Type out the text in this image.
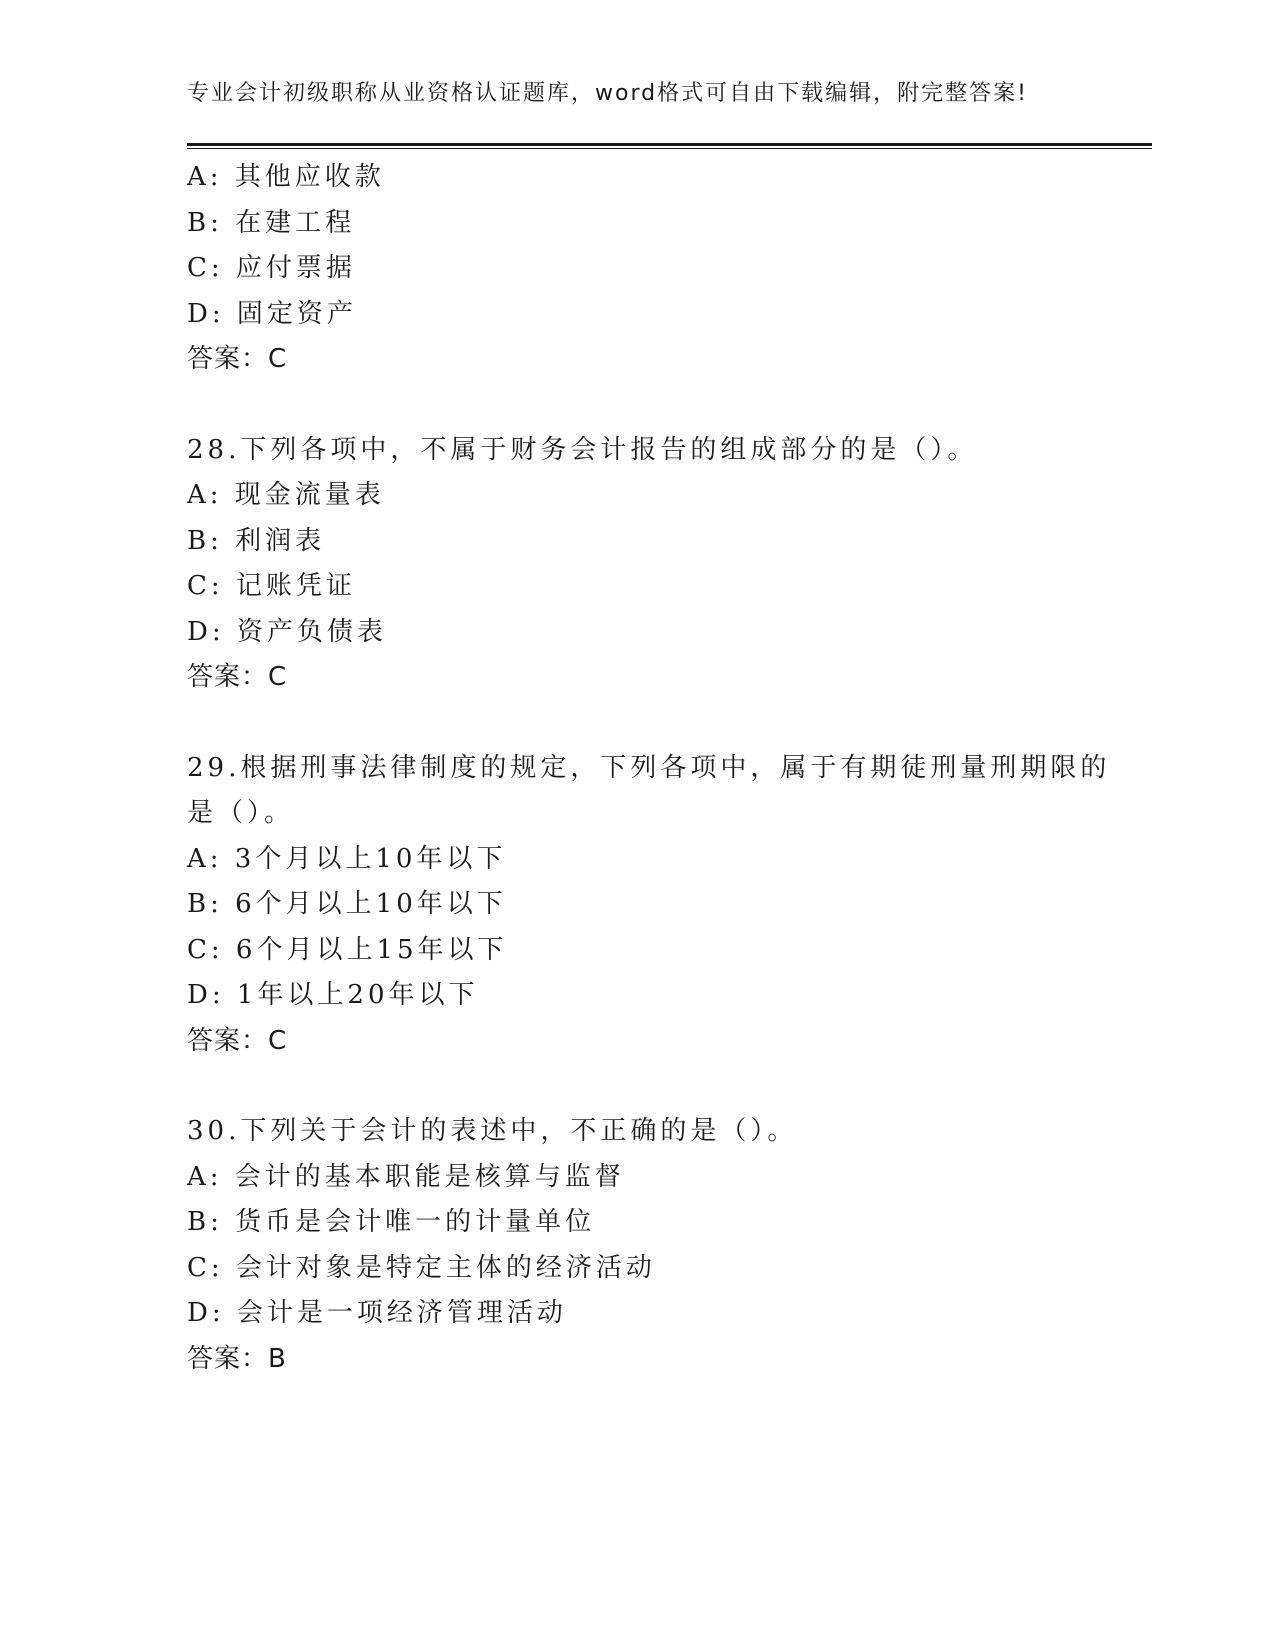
专业会计初级职称从业资格认证题库，word格式可自由下载编辑，附完整答案!
A: 其他应收款
B: 在建工程
C: 应付票据
D: 固定资产
答案：C
28.下列各项中，不属于财务会计报告的组成部分的是（）。
A: 现金流量表
B: 利润表
C: 记账凭证
D: 资产负债表
答案：C
29.根据刑事法律制度的规定，下列各项中，属于有期徒刑量刑期限的
是（）。
A: 3个月以上10年以下
B: 6个月以上10年以下
C: 6个月以上15年以下
D: 1年以上20年以下
答案：C
30.下列关于会计的表述中，不正确的是（）。
A: 会计的基本职能是核算与监督
B: 货币是会计唯一的计量单位
C: 会计对象是特定主体的经济活动
D: 会计是一项经济管理活动
答案：B
